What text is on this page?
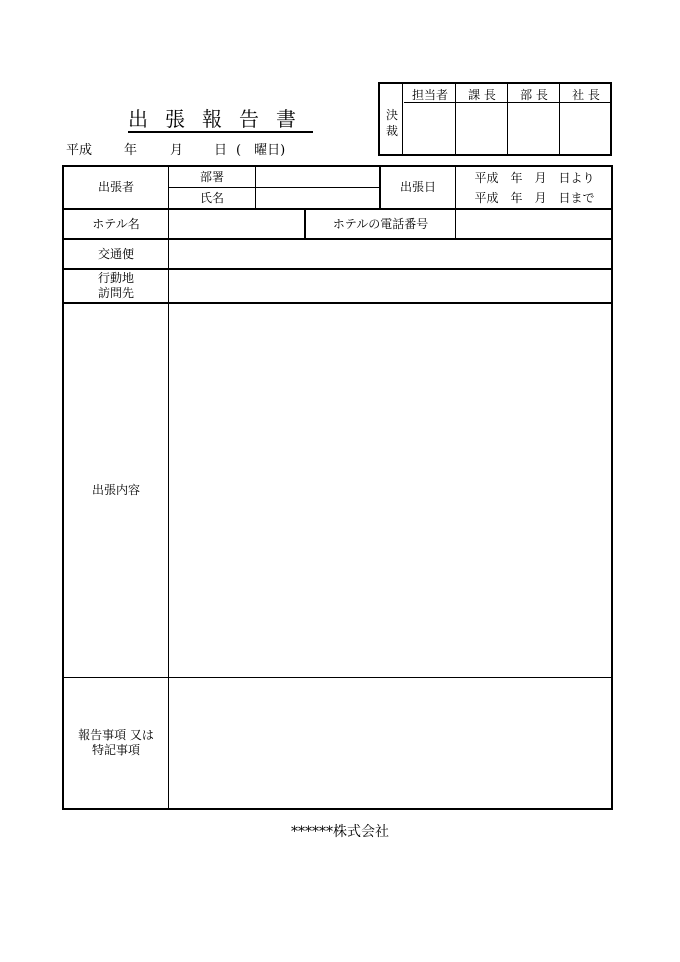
出張報告書
平成 年	月 日 (　曜日)
決
裁
担当者	課 長	部 長	社 長
出張者
部署
氏名
出張日
平成　年　月　日より
平成　年　月　日まで
ホテル名	ホテルの電話番号
交通便
行動地
訪問先
出張内容
報告事項 又は
特記事項
******株式会社
